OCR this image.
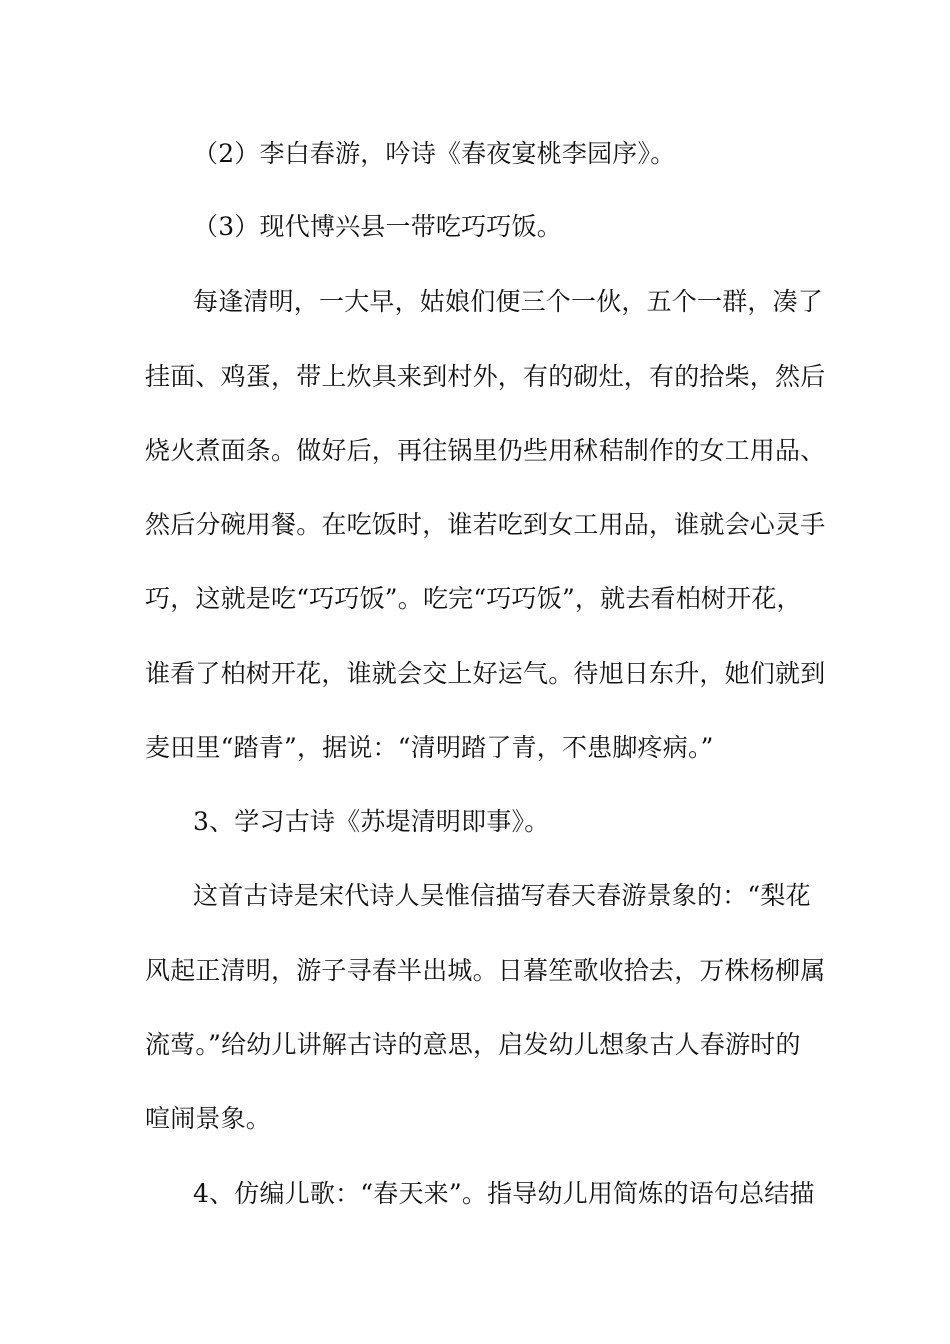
（2）李白春游，吟诗《春夜宴桃李园序》。
（3）现代博兴县一带吃巧巧饭。
每逢清明，一大早，姑娘们便三个一伙，五个一群，凑了
挂面、鸡蛋，带上炊具来到村外，有的砌灶，有的拾柴，然后
烧火煮面条。做好后，再往锅里仍些用秫秸制作的女工用品、
然后分碗用餐。在吃饭时，谁若吃到女工用品，谁就会心灵手
巧，这就是吃“巧巧饭”。吃完“巧巧饭”，就去看柏树开花，
谁看了柏树开花，谁就会交上好运气。待旭日东升，她们就到
麦田里“踏青”，据说：“清明踏了青，不患脚疼病。”
3、学习古诗《苏堤清明即事》。
这首古诗是宋代诗人吴惟信描写春天春游景象的：“梨花
风起正清明，游子寻春半出城。日暮笙歌收拾去，万株杨柳属
流莺。”给幼儿讲解古诗的意思，启发幼儿想象古人春游时的
喧闹景象。
4、仿编儿歌：“春天来”。指导幼儿用简炼的语句总结描
